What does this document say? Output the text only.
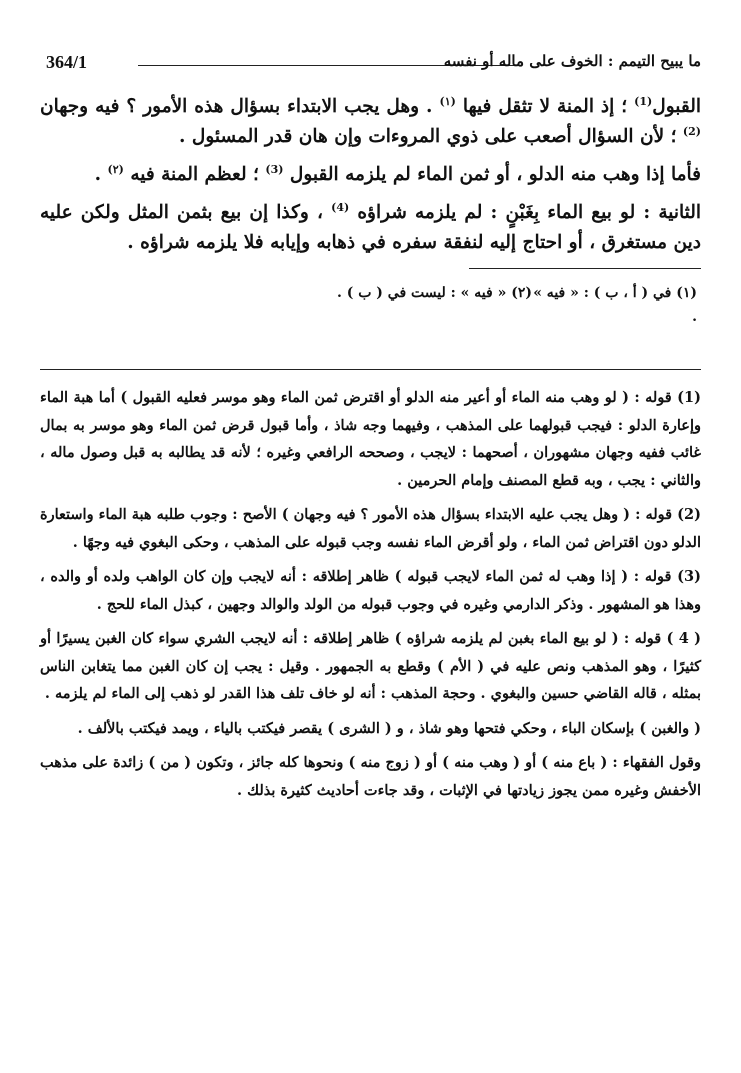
364/1	ما يبيح التيمم : الخوف على ماله أو نفسه

القبول$^{(1)}$ ؛ إذ المنة لا تثقل فيها $^{(١)}$ . وهل يجب الابتداء بسؤال هذه الأمور ؟ فيه وجهان $^{(2)}$ ؛ لأن السؤال أصعب على ذوي المروءات وإن هان قدر المسئول .

فأما إذا وهب منه الدلو ، أو ثمن الماء لم يلزمه القبول $^{(3)}$ ؛ لعظم المنة فيه $^{(٢)}$ .

الثانية : لو بيع الماء بِغَبْنٍ : لم يلزمه شراؤه $^{(4)}$ ، وكذا إن بيع بثمن المثل ولكن عليه دين مستغرق ، أو احتاج إليه لنفقة سفره في ذهابه وإيابه فلا يلزمه شراؤه .

(١) في ( أ ، ب ) : « فيه » .
(٢) « فيه » : ليست في ( ب ) .

(1) قوله : ( لو وهب منه الماء أو أعير منه الدلو أو اقترض ثمن الماء وهو موسر فعليه القبول ) أما هبة الماء وإعارة الدلو : فيجب قبولهما على المذهب ، وفيهما وجه شاذ ، وأما قبول قرض ثمن الماء وهو موسر به بمال غائب ففيه وجهان مشهوران ، أصحهما : لايجب ، وصححه الرافعي وغيره ؛ لأنه قد يطالبه به قبل وصول ماله ، والثاني : يجب ، وبه قطع المصنف وإمام الحرمين .

(2) قوله : ( وهل يجب عليه الابتداء بسؤال هذه الأمور ؟ فيه وجهان ) الأصح : وجوب طلبه هبة الماء واستعارة الدلو دون اقتراض ثمن الماء ، ولو أقرض الماء نفسه وجب قبوله على المذهب ، وحكى البغوي فيه وجهًا .

(3) قوله : ( إذا وهب له ثمن الماء لايجب قبوله ) ظاهر إطلاقه : أنه لايجب وإن كان الواهب ولده أو والده ، وهذا هو المشهور . وذكر الدارمي وغيره في وجوب قبوله من الولد والوالد وجهين ، كبذل الماء للحج .

( 4 ) قوله : ( لو بيع الماء بغبن لم يلزمه شراؤه ) ظاهر إطلاقه : أنه لايجب الشري سواء كان الغبن يسيرًا أو كثيرًا ، وهو المذهب ونص عليه في ( الأم ) وقطع به الجمهور . وقيل : يجب إن كان الغبن مما يتغابن الناس بمثله ، قاله القاضي حسين والبغوي . وحجة المذهب : أنه لو خاف تلف هذا القدر لو ذهب إلى الماء لم يلزمه .

( والغبن ) بإسكان الباء ، وحكي فتحها وهو شاذ ، و ( الشرى ) يقصر فيكتب بالياء ، ويمد فيكتب بالألف .

وقول الفقهاء : ( باع منه ) أو ( وهب منه ) أو ( زوج منه ) ونحوها كله جائز ، وتكون ( من ) زائدة على مذهب الأخفش وغيره ممن يجوز زيادتها في الإثبات ، وقد جاءت أحاديث كثيرة بذلك .
